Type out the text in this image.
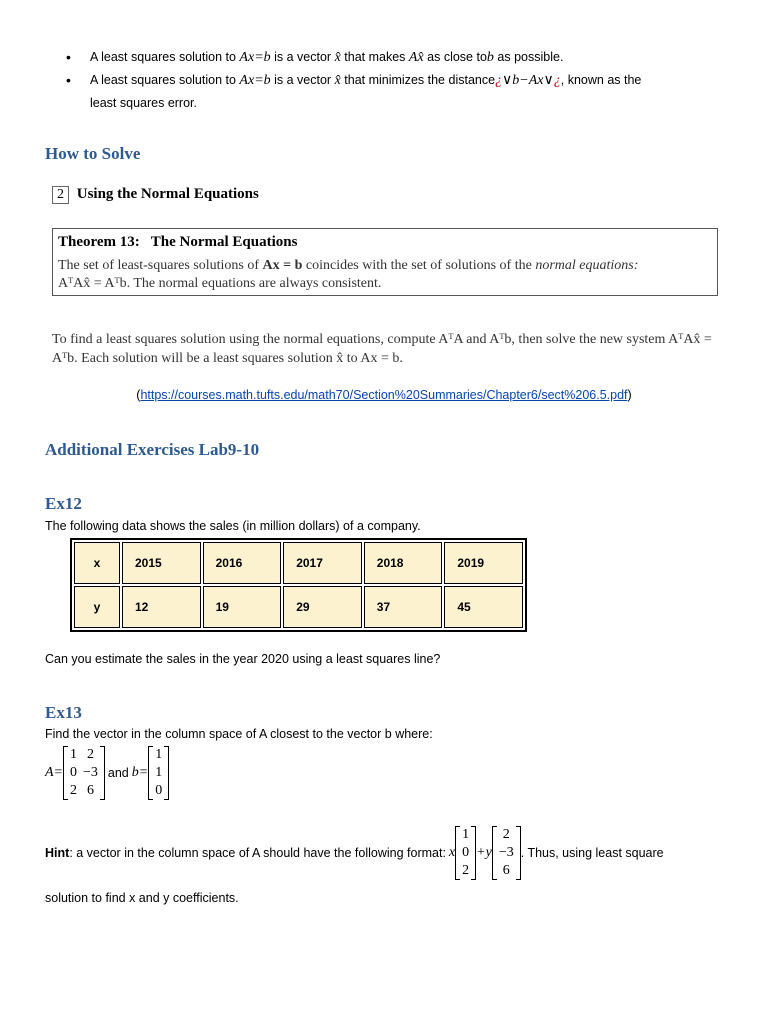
• A least squares solution to Ax=b is a vector x̂ that makes Ax̂ as close tob as possible.
• A least squares solution to Ax=b is a vector x̂ that minimizes the distance¿∨b−Ax∨¿, known as the
least squares error.
How to Solve
2 Using the Normal Equations
Theorem 13:   The Normal Equations
The set of least-squares solutions of Ax = b coincides with the set of solutions of the normal equations:
AᵀAx̂ = Aᵀb. The normal equations are always consistent.
To find a least squares solution using the normal equations, compute AᵀA and Aᵀb, then solve the new system AᵀAx̂ = Aᵀb. Each solution will be a least squares solution x̂ to Ax = b.
(https://courses.math.tufts.edu/math70/Section%20Summaries/Chapter6/sect%206.5.pdf)
Additional Exercises Lab9-10
Ex12
The following data shows the sales (in million dollars) of a company.
x	2015	2016	2017	2018	2019
y	12	19	29	37	45
Can you estimate the sales in the year 2020 using a least squares line?
Ex13
Find the vector in the column space of A closest to the vector b where:
A=
1	2
0	−3
2	6
and b=
1
1
0
Hint : a vector in the column space of A should have the following format: x
1
0
2
+ y
2
−3
6
. Thus, using least square
solution to find x and y coefficients.
